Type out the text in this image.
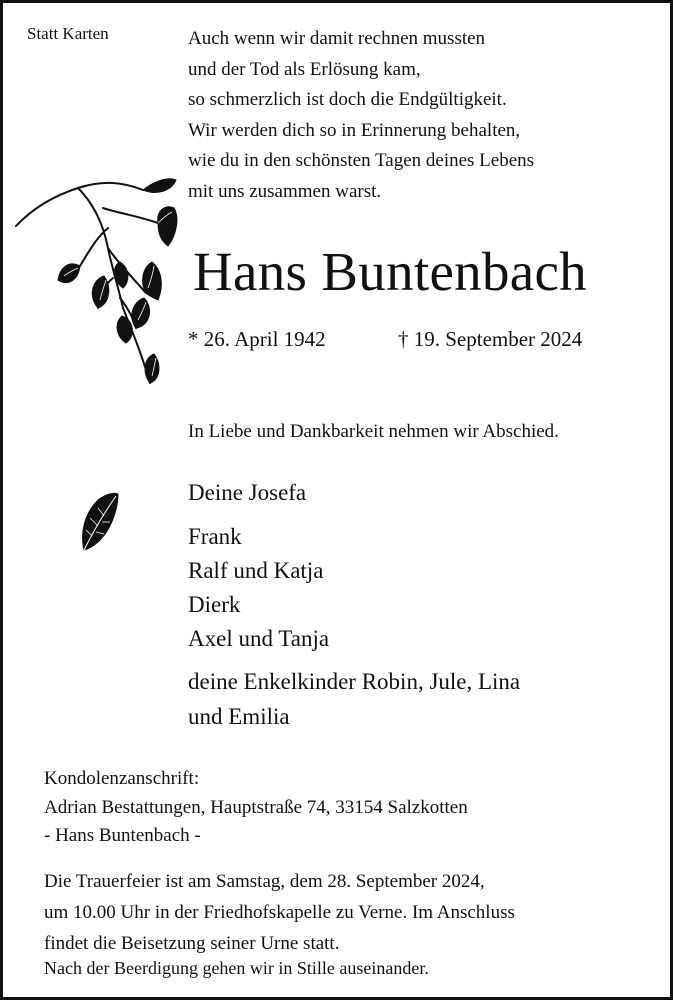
Statt Karten	Auch wenn wir damit rechnen mussten
und der Tod als Erlösung kam,
so schmerzlich ist doch die Endgültigkeit.
Wir werden dich so in Erinnerung behalten,
wie du in den schönsten Tagen deines Lebens
mit uns zusammen warst.
Hans Buntenbach
* 26. April 1942	† 19. September 2024
In Liebe und Dankbarkeit nehmen wir Abschied.
Deine Josefa
Frank
Ralf und Katja
Dierk
Axel und Tanja
deine Enkelkinder Robin, Jule, Lina
und Emilia
Kondolenzanschrift:
Adrian Bestattungen, Hauptstraße 74, 33154 Salzkotten
- Hans Buntenbach -
Die Trauerfeier ist am Samstag, dem 28. September 2024,
um 10.00 Uhr in der Friedhofskapelle zu Verne. Im Anschluss
findet die Beisetzung seiner Urne statt.
Nach der Beerdigung gehen wir in Stille auseinander.
